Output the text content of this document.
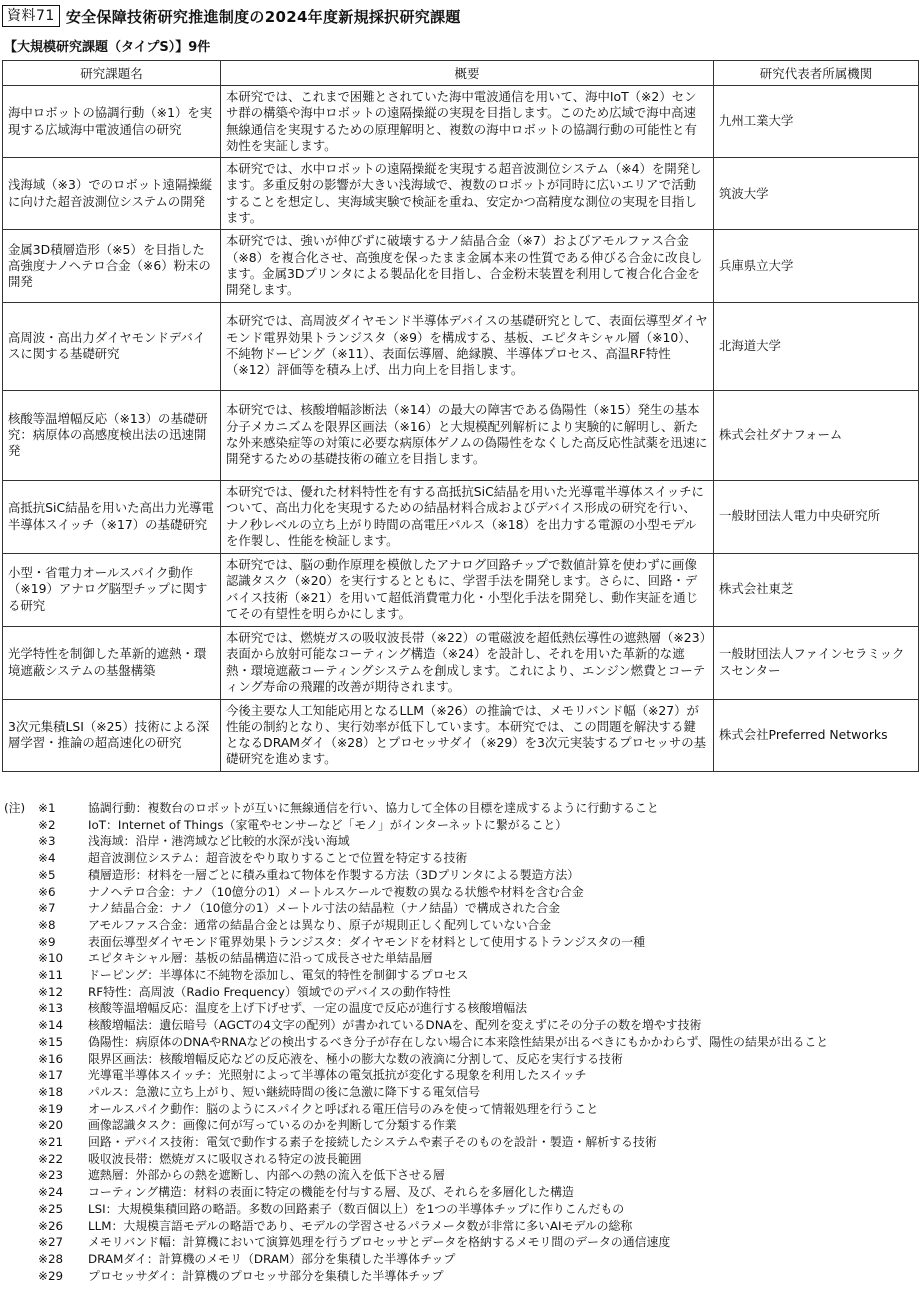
資料71 安全保障技術研究推進制度の2024年度新規採択研究課題
【大規模研究課題（タイプS）】9件
研究課題名	概要	研究代表者所属機関
海中ロボットの協調行動（※1）を実現する広域海中電波通信の研究	本研究では、これまで困難とされていた海中電波通信を用いて、海中IoT（※2）センサ群の構築や海中ロボットの遠隔操縦の実現を目指します。このため広域で海中高速無線通信を実現するための原理解明と、複数の海中ロボットの協調行動の可能性と有効性を実証します。	九州工業大学
浅海域（※3）でのロボット遠隔操縦に向けた超音波測位システムの開発	本研究では、水中ロボットの遠隔操縦を実現する超音波測位システム（※4）を開発します。多重反射の影響が大きい浅海域で、複数のロボットが同時に広いエリアで活動することを想定し、実海域実験で検証を重ね、安定かつ高精度な測位の実現を目指します。	筑波大学
金属3D積層造形（※5）を目指した高強度ナノヘテロ合金（※6）粉末の開発	本研究では、強いが伸びずに破壊するナノ結晶合金（※7）およびアモルファス合金（※8）を複合化させ、高強度を保ったまま金属本来の性質である伸びる合金に改良します。金属3Dプリンタによる製品化を目指し、合金粉末装置を利用して複合化合金を開発します。	兵庫県立大学
高周波・高出力ダイヤモンドデバイスに関する基礎研究	本研究では、高周波ダイヤモンド半導体デバイスの基礎研究として、表面伝導型ダイヤモンド電界効果トランジスタ（※9）を構成する、基板、エピタキシャル層（※10）、不純物ドーピング（※11）、表面伝導層、絶縁膜、半導体プロセス、高温RF特性（※12）評価等を積み上げ、出力向上を目指します。	北海道大学
核酸等温増幅反応（※13）の基礎研究：病原体の高感度検出法の迅速開発	本研究では、核酸増幅診断法（※14）の最大の障害である偽陽性（※15）発生の基本分子メカニズムを限界区画法（※16）と大規模配列解析により実験的に解明し、新たな外来感染症等の対策に必要な病原体ゲノムの偽陽性をなくした高反応性試薬を迅速に開発するための基礎技術の確立を目指します。	株式会社ダナフォーム
高抵抗SiC結晶を用いた高出力光導電半導体スイッチ（※17）の基礎研究	本研究では、優れた材料特性を有する高抵抗SiC結晶を用いた光導電半導体スイッチについて、高出力化を実現するための結晶材料合成およびデバイス形成の研究を行い、ナノ秒レベルの立ち上がり時間の高電圧パルス（※18）を出力する電源の小型モデルを作製し、性能を検証します。	一般財団法人電力中央研究所
小型・省電力オールスパイク動作（※19）アナログ脳型チップに関する研究	本研究では、脳の動作原理を模倣したアナログ回路チップで数値計算を使わずに画像認識タスク（※20）を実行するとともに、学習手法を開発します。さらに、回路・デバイス技術（※21）を用いて超低消費電力化・小型化手法を開発し、動作実証を通じてその有望性を明らかにします。	株式会社東芝
光学特性を制御した革新的遮熱・環境遮蔽システムの基盤構築	本研究では、燃焼ガスの吸収波長帯（※22）の電磁波を超低熱伝導性の遮熱層（※23）表面から放射可能なコーティング構造（※24）を設計し、それを用いた革新的な遮熱・環境遮蔽コーティングシステムを創成します。これにより、エンジン燃費とコーティング寿命の飛躍的改善が期待されます。	一般財団法人ファインセラミックスセンター
3次元集積LSI（※25）技術による深層学習・推論の超高速化の研究	今後主要な人工知能応用となるLLM（※26）の推論では、メモリバンド幅（※27）が性能の制約となり、実行効率が低下しています。本研究では、この問題を解決する鍵となるDRAMダイ（※28）とプロセッサダイ（※29）を3次元実装するプロセッサの基礎研究を進めます。	株式会社Preferred Networks
(注)	※1	協調行動：複数台のロボットが互いに無線通信を行い、協力して全体の目標を達成するように行動すること
※2	IoT：Internet of Things（家電やセンサーなど「モノ」がインターネットに繋がること）
※3	浅海域：沿岸・港湾域など比較的水深が浅い海域
※4	超音波測位システム：超音波をやり取りすることで位置を特定する技術
※5	積層造形：材料を一層ごとに積み重ねて物体を作製する方法（3Dプリンタによる製造方法）
※6	ナノヘテロ合金：ナノ（10億分の1）メートルスケールで複数の異なる状態や材料を含む合金
※7	ナノ結晶合金：ナノ（10億分の1）メートル寸法の結晶粒（ナノ結晶）で構成された合金
※8	アモルファス合金：通常の結晶合金とは異なり、原子が規則正しく配列していない合金
※9	表面伝導型ダイヤモンド電界効果トランジスタ：ダイヤモンドを材料として使用するトランジスタの一種
※10	エピタキシャル層：基板の結晶構造に沿って成長させた単結晶層
※11	ドーピング：半導体に不純物を添加し、電気的特性を制御するプロセス
※12	RF特性：高周波（Radio Frequency）領域でのデバイスの動作特性
※13	核酸等温増幅反応：温度を上げ下げせず、一定の温度で反応が進行する核酸増幅法
※14	核酸増幅法：遺伝暗号（AGCTの4文字の配列）が書かれているDNAを、配列を変えずにその分子の数を増やす技術
※15	偽陽性：病原体のDNAやRNAなどの検出するべき分子が存在しない場合に本来陰性結果が出るべきにもかかわらず、陽性の結果が出ること
※16	限界区画法：核酸増幅反応などの反応液を、極小の膨大な数の液滴に分割して、反応を実行する技術
※17	光導電半導体スイッチ：光照射によって半導体の電気抵抗が変化する現象を利用したスイッチ
※18	パルス：急激に立ち上がり、短い継続時間の後に急激に降下する電気信号
※19	オールスパイク動作：脳のようにスパイクと呼ばれる電圧信号のみを使って情報処理を行うこと
※20	画像認識タスク：画像に何が写っているのかを判断して分類する作業
※21	回路・デバイス技術：電気で動作する素子を接続したシステムや素子そのものを設計・製造・解析する技術
※22	吸収波長帯：燃焼ガスに吸収される特定の波長範囲
※23	遮熱層：外部からの熱を遮断し、内部への熱の流入を低下させる層
※24	コーティング構造：材料の表面に特定の機能を付与する層、及び、それらを多層化した構造
※25	LSI：大規模集積回路の略語。多数の回路素子（数百個以上）を1つの半導体チップに作りこんだもの
※26	LLM：大規模言語モデルの略語であり、モデルの学習させるパラメータ数が非常に多いAIモデルの総称
※27	メモリバンド幅：計算機において演算処理を行うプロセッサとデータを格納するメモリ間のデータの通信速度
※28	DRAMダイ：計算機のメモリ（DRAM）部分を集積した半導体チップ
※29	プロセッサダイ：計算機のプロセッサ部分を集積した半導体チップ
